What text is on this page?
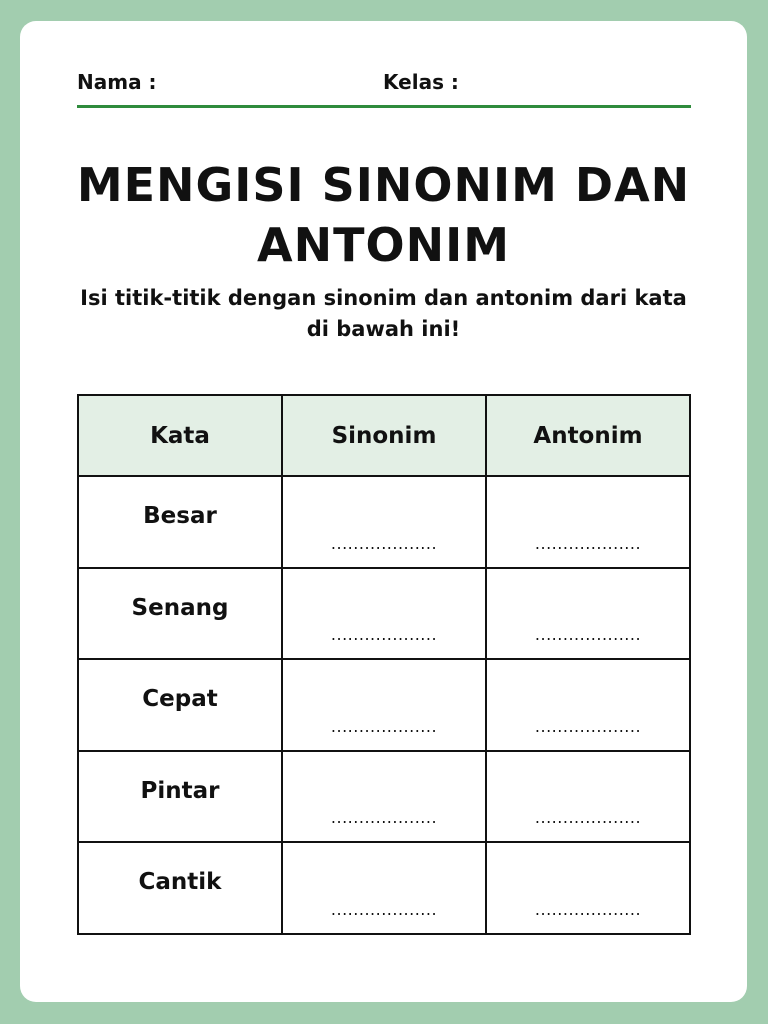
Nama :	Kelas :
MENGISI SINONIM DAN ANTONIM

Isi titik-titik dengan sinonim dan antonim dari kata di bawah ini!

Kata	Sinonim	Antonim
Besar	...................	...................

Senang	...................	...................

Cepat	...................	...................

Pintar	...................	...................

Cantik	...................	...................
